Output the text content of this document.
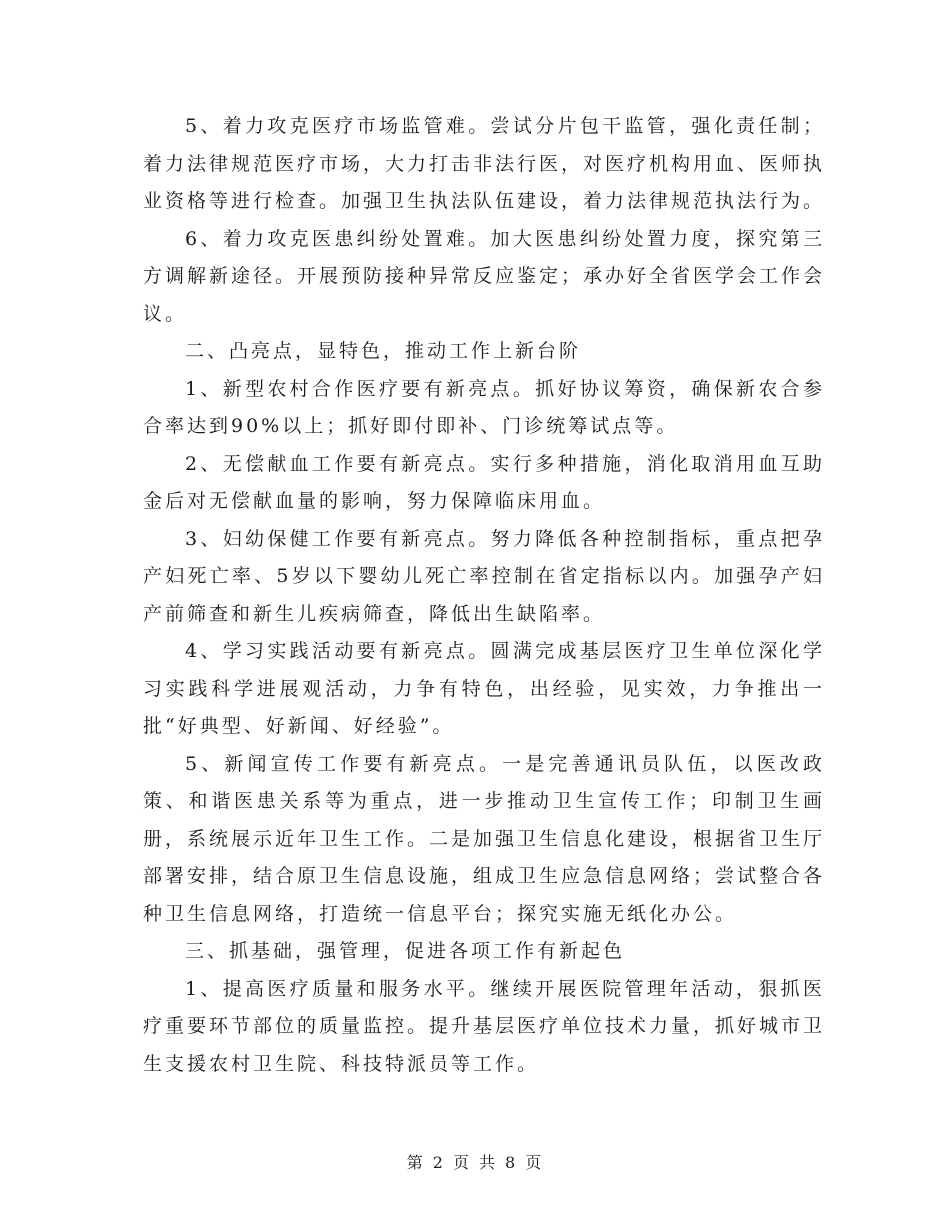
5、着力攻克医疗市场监管难。尝试分片包干监管，强化责任制；着力法律规范医疗市场，大力打击非法行医，对医疗机构用血、医师执业资格等进行检查。加强卫生执法队伍建设，着力法律规范执法行为。

6、着力攻克医患纠纷处置难。加大医患纠纷处置力度，探究第三方调解新途径。开展预防接种异常反应鉴定；承办好全省医学会工作会议。

二、凸亮点，显特色，推动工作上新台阶

1、新型农村合作医疗要有新亮点。抓好协议筹资，确保新农合参合率达到90%以上；抓好即付即补、门诊统筹试点等。

2、无偿献血工作要有新亮点。实行多种措施，消化取消用血互助金后对无偿献血量的影响，努力保障临床用血。

3、妇幼保健工作要有新亮点。努力降低各种控制指标，重点把孕产妇死亡率、5岁以下婴幼儿死亡率控制在省定指标以内。加强孕产妇产前筛查和新生儿疾病筛查，降低出生缺陷率。

4、学习实践活动要有新亮点。圆满完成基层医疗卫生单位深化学习实践科学进展观活动，力争有特色，出经验，见实效，力争推出一批“好典型、好新闻、好经验”。

5、新闻宣传工作要有新亮点。一是完善通讯员队伍，以医改政策、和谐医患关系等为重点，进一步推动卫生宣传工作；印制卫生画册，系统展示近年卫生工作。二是加强卫生信息化建设，根据省卫生厅部署安排，结合原卫生信息设施，组成卫生应急信息网络；尝试整合各种卫生信息网络，打造统一信息平台；探究实施无纸化办公。

三、抓基础，强管理，促进各项工作有新起色

1、提高医疗质量和服务水平。继续开展医院管理年活动，狠抓医疗重要环节部位的质量监控。提升基层医疗单位技术力量，抓好城市卫生支援农村卫生院、科技特派员等工作。

第 2 页 共 8 页
